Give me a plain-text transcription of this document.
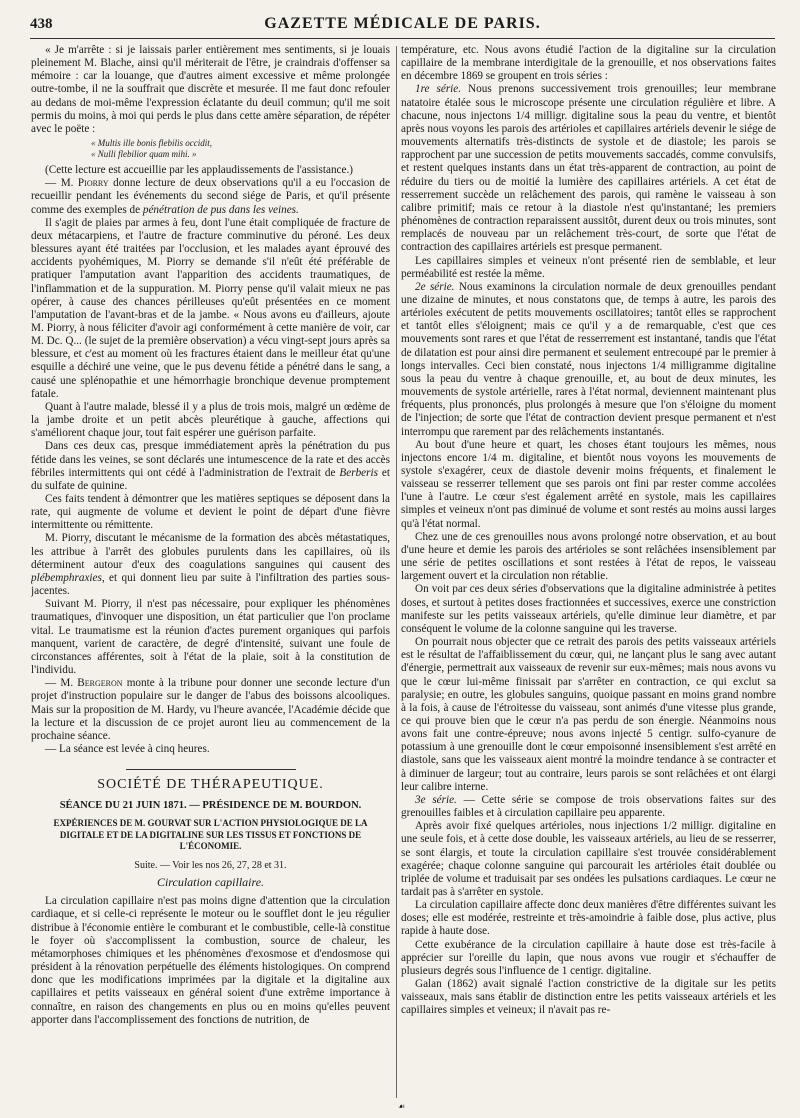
438	GAZETTE MÉDICALE DE PARIS.

« Je m'arrête : si je laissais parler entièrement mes sentiments, si je louais pleinement M. Blache, ainsi qu'il mériterait de l'être, je craindrais d'offenser sa mémoire : car la louange, que d'autres aiment excessive et même prolongée outre-tombe, il ne la souffrait que discrète et mesurée. Il me faut donc refouler au dedans de moi-même l'expression éclatante du deuil commun; qu'il me soit permis du moins, à moi qui perds le plus dans cette amère séparation, de répéter avec le poëte :

« Multis ille bonis flebilis occidit,
« Nulli flebilior quam mihi. »

(Cette lecture est accueillie par les applaudissements de l'assistance.)

— M. Piorry donne lecture de deux observations qu'il a eu l'occasion de recueillir pendant les événements du second siége de Paris, et qu'il présente comme des exemples de pénétration de pus dans les veines.

Il s'agit de plaies par armes à feu, dont l'une était compliquée de fracture de deux métacarpiens, et l'autre de fracture comminutive du péroné. Les deux blessures ayant été traitées par l'occlusion, et les malades ayant éprouvé des accidents pyohémiques, M. Piorry se demande s'il n'eût été préférable de pratiquer l'amputation avant l'apparition des accidents traumatiques, de l'inflammation et de la suppuration. M. Piorry pense qu'il valait mieux ne pas opérer, à cause des chances périlleuses qu'eût présentées en ce moment l'amputation de l'avant-bras et de la jambe. « Nous avons eu d'ailleurs, ajoute M. Piorry, à nous féliciter d'avoir agi conformément à cette manière de voir, car M. Dc. Q... (le sujet de la première observation) a vécu vingt-sept jours après sa blessure, et c'est au moment où les fractures étaient dans le meilleur état qu'une esquille a déchiré une veine, que le pus devenu fétide a pénétré dans le sang, a causé une splénopathie et une hémorrhagie bronchique devenue promptement fatale.

Quant à l'autre malade, blessé il y a plus de trois mois, malgré un œdème de la jambe droite et un petit abcès pleurétique à gauche, affections qui s'améliorent chaque jour, tout fait espérer une guérison parfaite.

Dans ces deux cas, presque immédiatement après la pénétration du pus fétide dans les veines, se sont déclarés une intumescence de la rate et des accès fébriles intermittents qui ont cédé à l'administration de l'extrait de Berberis et du sulfate de quinine.

Ces faits tendent à démontrer que les matières septiques se déposent dans la rate, qui augmente de volume et devient le point de départ d'une fièvre intermittente ou rémittente.

M. Piorry, discutant le mécanisme de la formation des abcès métastatiques, les attribue à l'arrêt des globules purulents dans les capillaires, où ils déterminent autour d'eux des coagulations sanguines qui causent des plébemphraxies, et qui donnent lieu par suite à l'infiltration des parties sous-jacentes.

Suivant M. Piorry, il n'est pas nécessaire, pour expliquer les phénomènes traumatiques, d'invoquer une disposition, un état particulier que l'on proclame vital. Le traumatisme est la réunion d'actes purement organiques qui parfois manquent, varient de caractère, de degré d'intensité, suivant une foule de circonstances afférentes, soit à l'état de la plaie, soit à la constitution de l'individu.

— M. Bergeron monte à la tribune pour donner une seconde lecture d'un projet d'instruction populaire sur le danger de l'abus des boissons alcooliques. Mais sur la proposition de M. Hardy, vu l'heure avancée, l'Académie décide que la lecture et la discussion de ce projet auront lieu au commencement de la prochaine séance.

— La séance est levée à cinq heures.

SOCIÉTÉ DE THÉRAPEUTIQUE.
SÉANCE DU 21 JUIN 1871. — PRÉSIDENCE DE M. BOURDON.
EXPÉRIENCES DE M. GOURVAT SUR L'ACTION PHYSIOLOGIQUE DE LA DIGITALE ET DE LA DIGITALINE SUR LES TISSUS ET FONCTIONS DE L'ÉCONOMIE.
Suite. — Voir les nos 26, 27, 28 et 31.
Circulation capillaire.

La circulation capillaire n'est pas moins digne d'attention que la circulation cardiaque, et si celle-ci représente le moteur ou le soufflet dont le jeu régulier distribue à l'économie entière le comburant et le combustible, celle-là constitue le foyer où s'accomplissent la combustion, source de chaleur, les métamorphoses chimiques et les phénomènes d'exosmose et d'endosmose qui président à la rénovation perpétuelle des éléments histologiques. On comprend donc que les modifications imprimées par la digitale et la digitaline aux capillaires et petits vaisseaux en général soient d'une extrême importance à connaître, en raison des changements en plus ou en moins qu'elles peuvent apporter dans l'accomplissement des fonctions de nutrition, de

température, etc. Nous avons étudié l'action de la digitaline sur la circulation capillaire de la membrane interdigitale de la grenouille, et nos observations faites en décembre 1869 se groupent en trois séries :

1re série. Nous prenons successivement trois grenouilles; leur membrane natatoire étalée sous le microscope présente une circulation régulière et libre. A chacune, nous injectons 1/4 milligr. digitaline sous la peau du ventre, et bientôt après nous voyons les parois des artérioles et capillaires artériels devenir le siége de mouvements alternatifs très-distincts de systole et de diastole; les parois se rapprochent par une succession de petits mouvements saccadés, comme convulsifs, et restent quelques instants dans un état très-apparent de contraction, au point de réduire du tiers ou de moitié la lumière des capillaires artériels. A cet état de resserrement succède un relâchement des parois, qui ramène le vaisseau à son calibre primitif; mais ce retour à la diastole n'est qu'instantané; les premiers phénomènes de contraction reparaissent aussitôt, durent deux ou trois minutes, sont remplacés de nouveau par un relâchement très-court, de sorte que l'état de contraction des capillaires artériels est presque permanent.

Les capillaires simples et veineux n'ont présenté rien de semblable, et leur perméabilité est restée la même.

2e série. Nous examinons la circulation normale de deux grenouilles pendant une dizaine de minutes, et nous constatons que, de temps à autre, les parois des artérioles exécutent de petits mouvements oscillatoires; tantôt elles se rapprochent et tantôt elles s'éloignent; mais ce qu'il y a de remarquable, c'est que ces mouvements sont rares et que l'état de resserrement est instantané, tandis que l'état de dilatation est pour ainsi dire permanent et seulement entrecoupé par le premier à longs intervalles. Ceci bien constaté, nous injectons 1/4 milligramme digitaline sous la peau du ventre à chaque grenouille, et, au bout de deux minutes, les mouvements de systole artérielle, rares à l'état normal, deviennent maintenant plus fréquents, plus prononcés, plus prolongés à mesure que l'on s'éloigne du moment de l'injection; de sorte que l'état de contraction devient presque permanent et n'est interrompu que rarement par des relâchements instantanés.

Au bout d'une heure et quart, les choses étant toujours les mêmes, nous injectons encore 1/4 m. digitaline, et bientôt nous voyons les mouvements de systole s'exagérer, ceux de diastole devenir moins fréquents, et finalement le vaisseau se resserrer tellement que ses parois ont fini par rester comme accolées l'une à l'autre. Le cœur s'est également arrêté en systole, mais les capillaires simples et veineux n'ont pas diminué de volume et sont restés au moins aussi larges qu'à l'état normal.

Chez une de ces grenouilles nous avons prolongé notre observation, et au bout d'une heure et demie les parois des artérioles se sont relâchées insensiblement par une série de petites oscillations et sont restées à l'état de repos, le vaisseau largement ouvert et la circulation non rétablie.

On voit par ces deux séries d'observations que la digitaline administrée à petites doses, et surtout à petites doses fractionnées et successives, exerce une constriction manifeste sur les petits vaisseaux artériels, qu'elle diminue leur diamètre, et par conséquent le volume de la colonne sanguine qui les traverse.

On pourrait nous objecter que ce retrait des parois des petits vaisseaux artériels est le résultat de l'affaiblissement du cœur, qui, ne lançant plus le sang avec autant d'énergie, permettrait aux vaisseaux de revenir sur eux-mêmes; mais nous avons vu que le cœur lui-même finissait par s'arrêter en contraction, ce qui exclut sa paralysie; en outre, les globules sanguins, quoique passant en moins grand nombre à la fois, à cause de l'étroitesse du vaisseau, sont animés d'une vitesse plus grande, ce qui prouve bien que le cœur n'a pas perdu de son énergie. Néanmoins nous avons fait une contre-épreuve; nous avons injecté 5 centigr. sulfo-cyanure de potassium à une grenouille dont le cœur empoisonné insensiblement s'est arrêté en diastole, sans que les vaisseaux aient montré la moindre tendance à se contracter et à diminuer de largeur; tout au contraire, leurs parois se sont relâchées et ont élargi leur calibre interne.

3e série. — Cette série se compose de trois observations faites sur des grenouilles faibles et à circulation capillaire peu apparente.

Après avoir fixé quelques artérioles, nous injections 1/2 milligr. digitaline en une seule fois, et à cette dose double, les vaisseaux artériels, au lieu de se resserrer, se sont élargis, et toute la circulation capillaire s'est trouvée considérablement exagérée; chaque colonne sanguine qui parcourait les artérioles était doublée ou triplée de volume et traduisait par ses ondées les pulsations cardiaques. Le cœur ne tardait pas à s'arrêter en systole.

La circulation capillaire affecte donc deux manières d'être différentes suivant les doses; elle est modérée, restreinte et très-amoindrie à faible dose, plus active, plus rapide à haute dose.

Cette exubérance de la circulation capillaire à haute dose est très-facile à apprécier sur l'oreille du lapin, que nous avons vue rougir et s'échauffer de plusieurs degrés sous l'influence de 1 centigr. digitaline.

Galan (1862) avait signalé l'action constrictive de la digitale sur les petits vaisseaux, mais sans établir de distinction entre les petits vaisseaux artériels et les capillaires simples et veineux; il n'avait pas re-

☙
